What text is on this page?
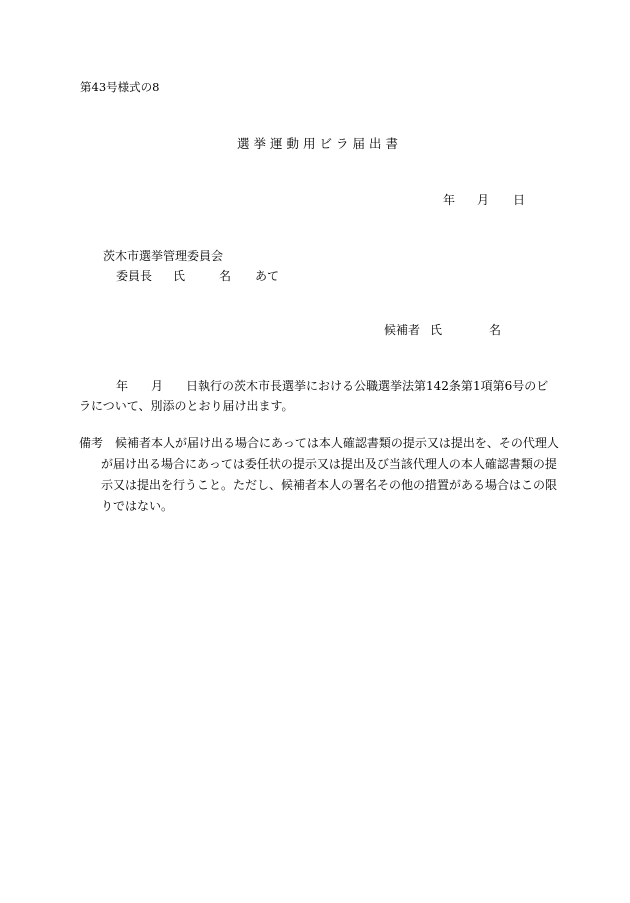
第43号様式の8
選挙運動用ビラ届出書
年 月 日
茨木市選挙管理委員会
委員長 氏	名 あて
候補者 氏	名
年 月 日執行の茨木市長選挙における公職選挙法第142条第1項第6号のビラについて、別添のとおり届け出ます。
備考 候補者本人が届け出る場合にあっては本人確認書類の提示又は提出を、その代理人が届け出る場合にあっては委任状の提示又は提出及び当該代理人の本人確認書類の提示又は提出を行うこと。ただし、候補者本人の署名その他の措置がある場合はこの限りではない。
